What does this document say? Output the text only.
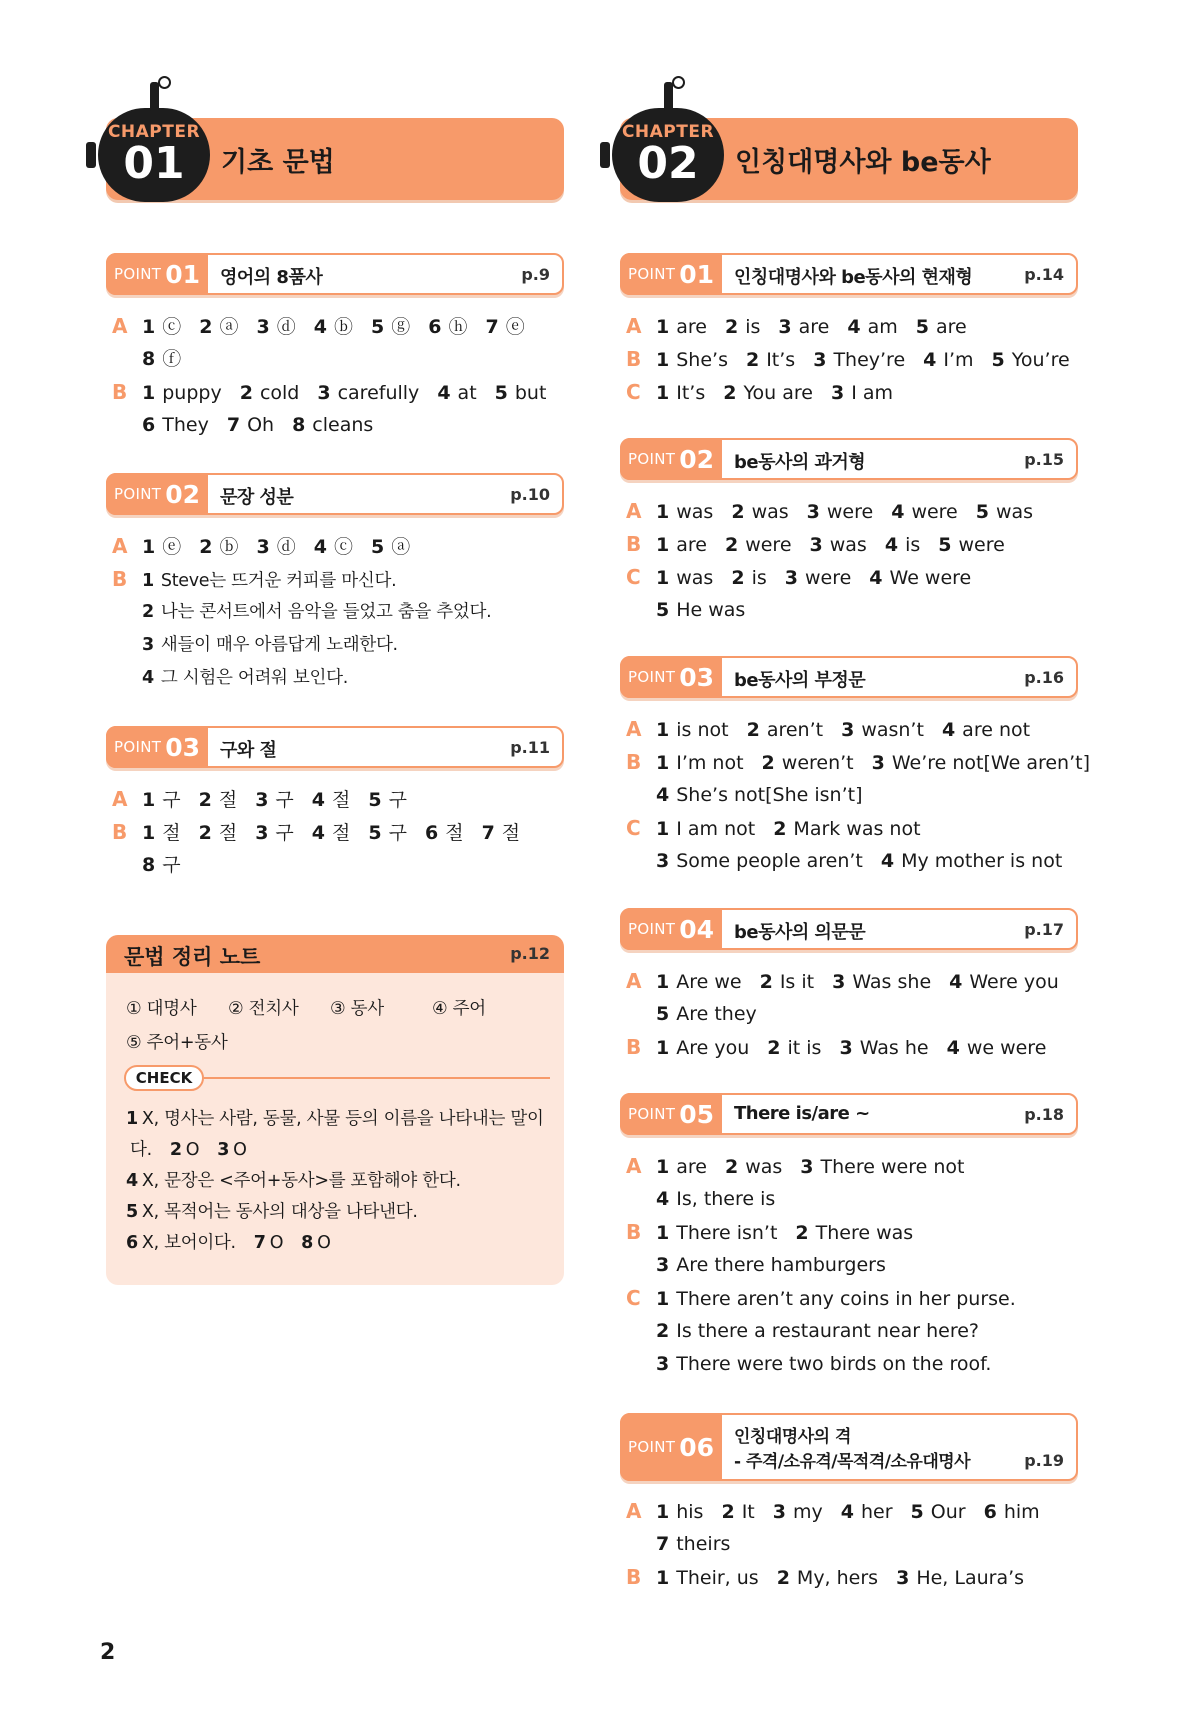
기초 문법
CHAPTER
01
POINT 01 영어의 8품사	p.9
A 1 ⓒ 2 ⓐ 3 ⓓ 4 ⓑ 5 ⓖ 6 ⓗ 7 ⓔ
8 ⓕ
B 1 puppy 2 cold 3 carefully 4 at 5 but
6 They 7 Oh 8 cleans
POINT 02 문장 성분	p.10
A 1 ⓔ 2 ⓑ 3 ⓓ 4 ⓒ 5 ⓐ
B 1 Steve는 뜨거운 커피를 마신다.
2 나는 콘서트에서 음악을 들었고 춤을 추었다.
3 새들이 매우 아름답게 노래한다.
4 그 시험은 어려워 보인다.
POINT 03 구와 절	p.11
A 1 구 2 절 3 구 4 절 5 구
B 1 절 2 절 3 구 4 절 5 구 6 절 7 절
8 구
문법 정리 노트	p.12
① 대명사 ② 전치사 ③ 동사	④ 주어
⑤ 주어+동사
CHECK
1 X, 명사는 사람, 동물, 사물 등의 이름을 나타내는 말이
다. 2 O 3 O
4 X, 문장은 <주어+동사>를 포함해야 한다.
5 X, 목적어는 동사의 대상을 나타낸다.
6 X, 보어이다. 7 O 8 O
인칭대명사와 be동사
CHAPTER
02
POINT 01 인칭대명사와 be동사의 현재형	p.14
A 1 are 2 is 3 are 4 am 5 are
B 1 She’s 2 It’s 3 They’re 4 I’m 5 You’re
C 1 It’s 2 You are 3 I am
POINT 02 be동사의 과거형	p.15
A 1 was 2 was 3 were 4 were 5 was
B 1 are 2 were 3 was 4 is 5 were
C 1 was 2 is 3 were 4 We were
5 He was
POINT 03 be동사의 부정문	p.16
A 1 is not 2 aren’t 3 wasn’t 4 are not
B 1 I’m not 2 weren’t 3 We’re not[We aren’t]
4 She’s not[She isn’t]
C 1 I am not 2 Mark was not
3 Some people aren’t 4 My mother is not
POINT 04 be동사의 의문문	p.17
A 1 Are we 2 Is it 3 Was she 4 Were you
5 Are they
B 1 Are you 2 it is 3 Was he 4 we were
POINT 05 There is/are ~	p.18
A 1 are 2 was 3 There were not
4 Is, there is
B 1 There isn’t 2 There was
3 Are there hamburgers
C 1 There aren’t any coins in her purse.
2 Is there a restaurant near here?
3 There were two birds on the roof.
POINT 06 인칭대명사의 격
- 주격/소유격/목적격/소유대명사	p.19
A 1 his 2 It 3 my 4 her 5 Our 6 him
7 theirs
B 1 Their, us 2 My, hers 3 He, Laura’s
2
